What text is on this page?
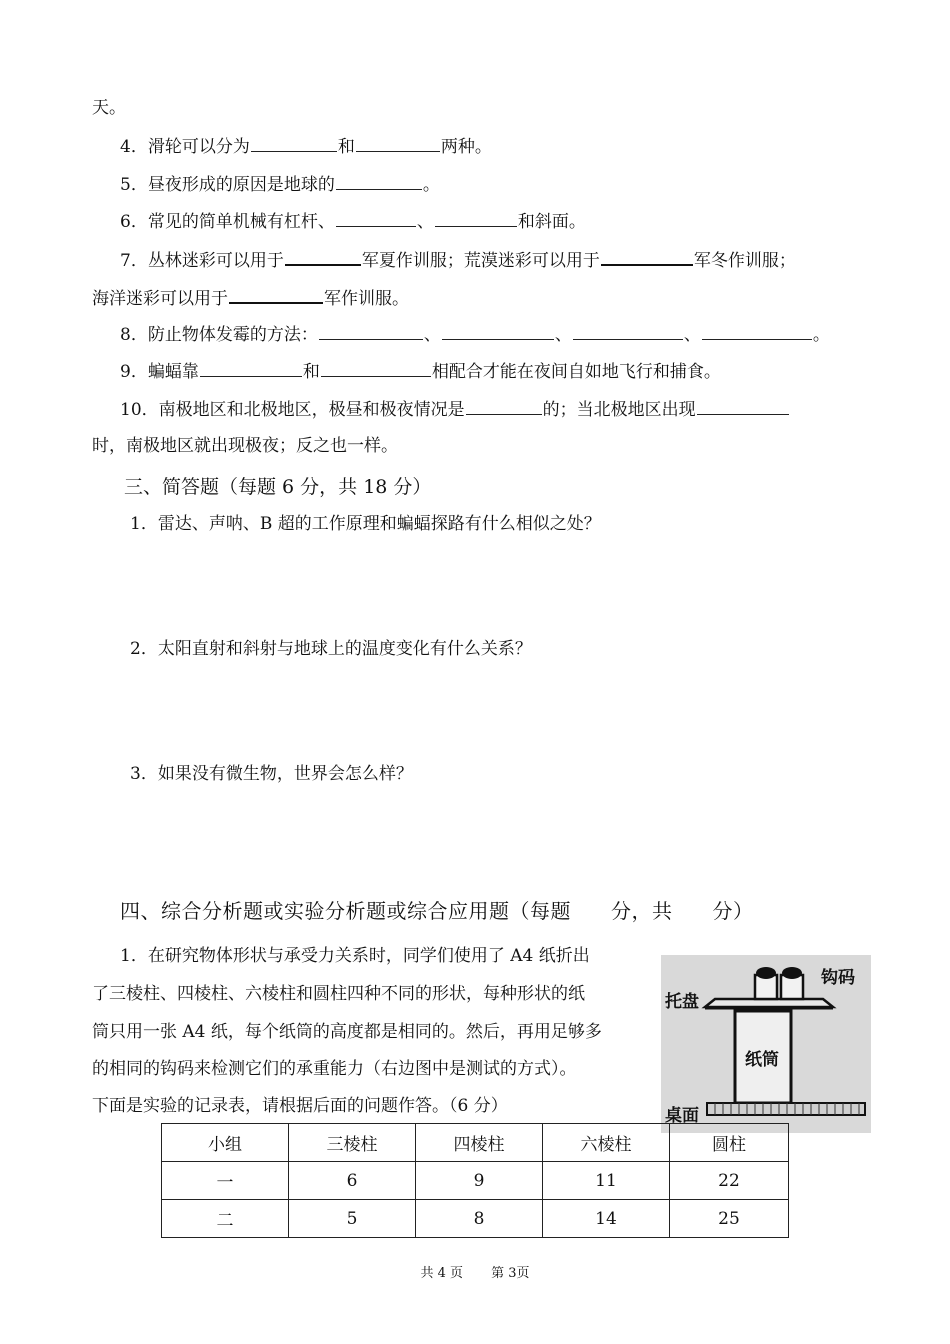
天。
4．滑轮可以分为	和	两种。
5．昼夜形成的原因是地球的	。
6．常见的简单机械有杠杆、	、	和斜面。
7．丛林迷彩可以用于	军夏作训服；荒漠迷彩可以用于	军冬作训服；
海洋迷彩可以用于	军作训服。
8．防止物体发霉的方法：	、	、	、	。
9．蝙蝠靠	和	相配合才能在夜间自如地飞行和捕食。
10．南极地区和北极地区，极昼和极夜情况是	的；当北极地区出现
时，南极地区就出现极夜；反之也一样。
三、简答题（每题 6 分，共 18 分）
1．雷达、声呐、B 超的工作原理和蝙蝠探路有什么相似之处？
2．太阳直射和斜射与地球上的温度变化有什么关系？
3．如果没有微生物，世界会怎么样？
四、综合分析题或实验分析题或综合应用题（每题 分，共 分）
1．在研究物体形状与承受力关系时，同学们使用了 A4 纸折出
了三棱柱、四棱柱、六棱柱和圆柱四种不同的形状，每种形状的纸
筒只用一张 A4 纸，每个纸筒的高度都是相同的。然后，再用足够多
的相同的钩码来检测它们的承重能力（右边图中是测试的方式）。
下面是实验的记录表，请根据后面的问题作答。（6 分）
钩码
托盘
纸筒
桌面
小组	三棱柱	四棱柱	六棱柱	圆柱
一	6	9	11	22
二	5	8	14	25
共 4 页 第 3页
